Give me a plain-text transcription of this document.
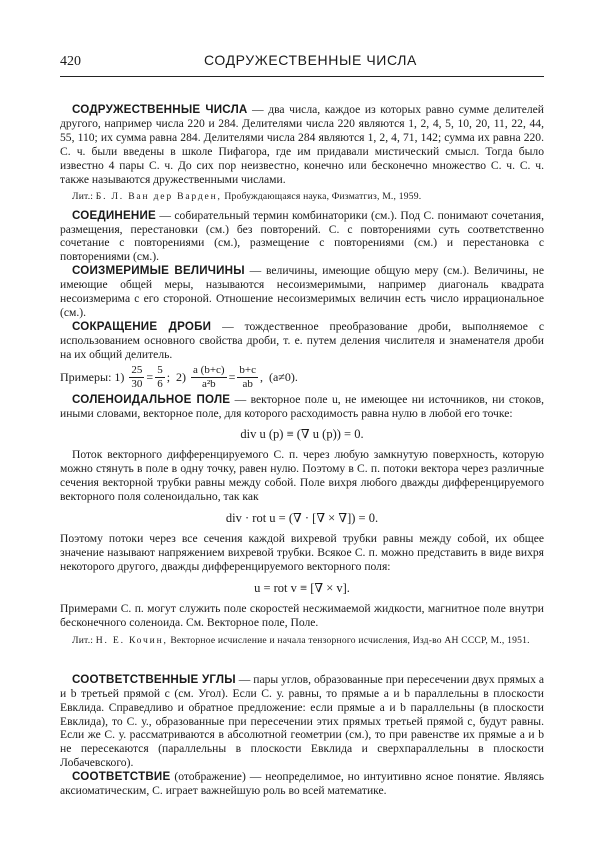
420	СОДРУЖЕСТВЕННЫЕ ЧИСЛА

СОДРУЖЕСТВЕННЫЕ ЧИСЛА — два числа, каждое из которых равно сумме делителей другого, например числа 220 и 284. Делителями числа 220 являются 1, 2, 4, 5, 10, 20, 11, 22, 44, 55, 110; их сумма равна 284. Делителями числа 284 являются 1, 2, 4, 71, 142; сумма их равна 220. С. ч. были введены в школе Пифагора, где им придавали мистический смысл. Тогда было известно 4 пары С. ч. До сих пор неизвестно, конечно или бесконечно множество С. ч. С. ч. также называются дружественными числами.

Лит.: Б. Л. Ван дер Варден, Пробуждающаяся наука, Физматгиз, М., 1959.

СОЕДИНЕНИЕ — собирательный термин комбинаторики (см.). Под С. понимают сочетания, размещения, перестановки (см.) без повторений. С. с повторениями суть соответственно сочетание с повторениями (см.), размещение с повторениями (см.) и перестановка с повторениями (см.).

СОИЗМЕРИМЫЕ ВЕЛИЧИНЫ — величины, имеющие общую меру (см.). Величины, не имеющие общей меры, называются несоизмеримыми, например диагональ квадрата несоизмерима с его стороной. Отношение несоизмеримых величин есть число иррациональное (см.).

СОКРАЩЕНИЕ ДРОБИ — тождественное преобразование дроби, выполняемое с использованием основного свойства дроби, т. е. путем деления числителя и знаменателя дроби на их общий делитель.

Примеры: $1) \frac{25}{30} = \frac{5}{6}$ ;  $2) \frac{a (b+c)}{\text{a²b}} = \frac{b+c}{ab}$ ,  (a≠0).

СОЛЕНОИДАЛЬНОЕ ПОЛЕ — векторное поле u, не имеющее ни источников, ни стоков, иными словами, векторное поле, для которого расходимость равна нулю в любой его точке:

div u (p) ≡ (∇ u (p)) = 0.

Поток векторного дифференцируемого С. п. через любую замкнутую поверхность, которую можно стянуть в поле в одну точку, равен нулю. Поэтому в С. п. потоки вектора через различные сечения векторной трубки равны между собой. Поле вихря любого дважды дифференцируемого векторного поля соленоидально, так как

div · rot u = (∇ · [∇ × ∇]) = 0.

Поэтому потоки через все сечения каждой вихревой трубки равны между собой, их общее значение называют напряжением вихревой трубки. Всякое С. п. можно представить в виде вихря некоторого другого, дважды дифференцируемого векторного поля:

u = rot v ≡ [∇ × v].

Примерами С. п. могут служить поле скоростей несжимаемой жидкости, магнитное поле внутри бесконечного соленоида. См. Векторное поле, Поле.

Лит.: Н. Е. Кочин, Векторное исчисление и начала тензорного исчисления, Изд-во АН СССР, М., 1951.

СООТВЕТСТВЕННЫЕ УГЛЫ — пары углов, образованные при пересечении двух прямых a и b третьей прямой c (см. Угол). Если С. у. равны, то прямые a и b параллельны в плоскости Евклида. Справедливо и обратное предложение: если прямые a и b параллельны (в плоскости Евклида), то С. у., образованные при пересечении этих прямых третьей прямой c, будут равны. Если же С. у. рассматриваются в абсолютной геометрии (см.), то при равенстве их прямые a и b не пересекаются (параллельны в плоскости Евклида и сверхпараллельны в плоскости Лобачевского).

СООТВЕТСТВИЕ (отображение) — неопределимое, но интуитивно ясное понятие. Являясь аксиоматическим, С. играет важнейшую роль во всей математике.
